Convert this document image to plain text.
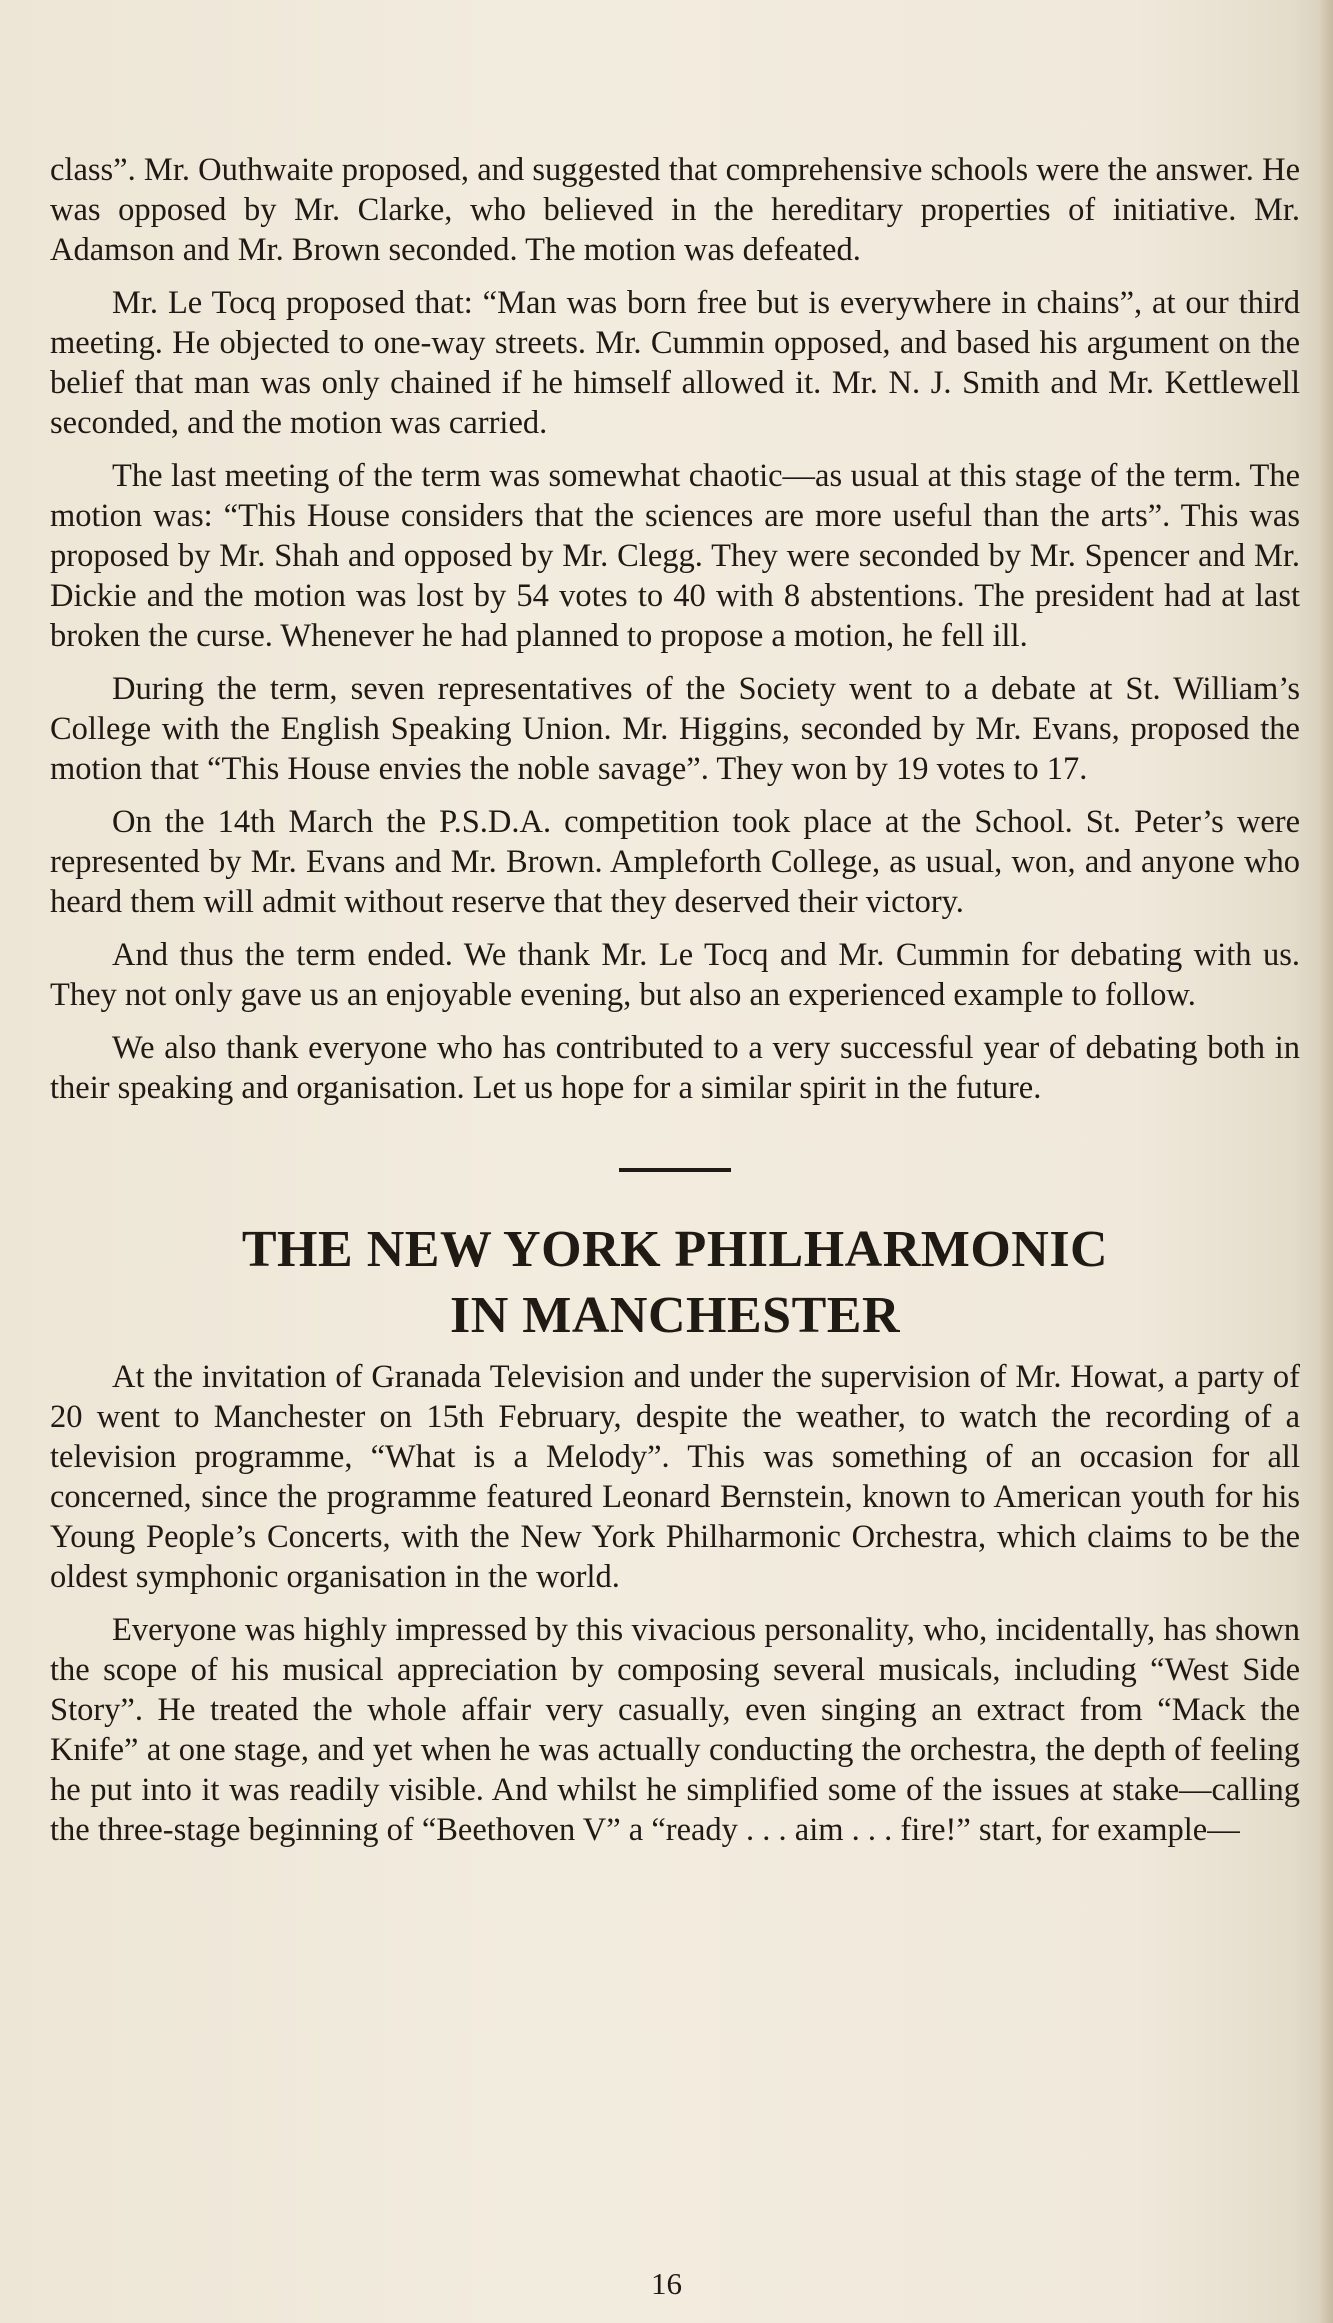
class”. Mr. Outhwaite proposed, and suggested that comprehensive schools were the answer. He was opposed by Mr. Clarke, who believed in the hereditary properties of initiative. Mr. Adamson and Mr. Brown seconded. The motion was defeated.

Mr. Le Tocq proposed that: “Man was born free but is everywhere in chains”, at our third meeting. He objected to one-way streets. Mr. Cummin opposed, and based his argument on the belief that man was only chained if he himself allowed it. Mr. N. J. Smith and Mr. Kettlewell seconded, and the motion was carried.

The last meeting of the term was somewhat chaotic—as usual at this stage of the term. The motion was: “This House considers that the sciences are more useful than the arts”. This was proposed by Mr. Shah and opposed by Mr. Clegg. They were seconded by Mr. Spencer and Mr. Dickie and the motion was lost by 54 votes to 40 with 8 abstentions. The president had at last broken the curse. Whenever he had planned to propose a motion, he fell ill.

During the term, seven representatives of the Society went to a debate at St. William’s College with the English Speaking Union. Mr. Higgins, seconded by Mr. Evans, proposed the motion that “This House envies the noble savage”. They won by 19 votes to 17.

On the 14th March the P.S.D.A. competition took place at the School. St. Peter’s were represented by Mr. Evans and Mr. Brown. Ampleforth College, as usual, won, and anyone who heard them will admit without reserve that they deserved their victory.

And thus the term ended. We thank Mr. Le Tocq and Mr. Cummin for debating with us. They not only gave us an enjoyable evening, but also an experienced example to follow.

We also thank everyone who has contributed to a very successful year of debating both in their speaking and organisation. Let us hope for a similar spirit in the future.

THE NEW YORK PHILHARMONIC
IN MANCHESTER

At the invitation of Granada Television and under the supervision of Mr. Howat, a party of 20 went to Manchester on 15th February, despite the weather, to watch the recording of a television programme, “What is a Melody”. This was something of an occasion for all concerned, since the programme featured Leonard Bernstein, known to American youth for his Young People’s Concerts, with the New York Philharmonic Orchestra, which claims to be the oldest symphonic organisation in the world.

Everyone was highly impressed by this vivacious personality, who, incidentally, has shown the scope of his musical appreciation by composing several musicals, including “West Side Story”. He treated the whole affair very casually, even singing an extract from “Mack the Knife” at one stage, and yet when he was actually conducting the orchestra, the depth of feeling he put into it was readily visible. And whilst he simplified some of the issues at stake—calling the three-stage beginning of “Beethoven V” a “ready . . . aim . . . fire!” start, for example—

16
